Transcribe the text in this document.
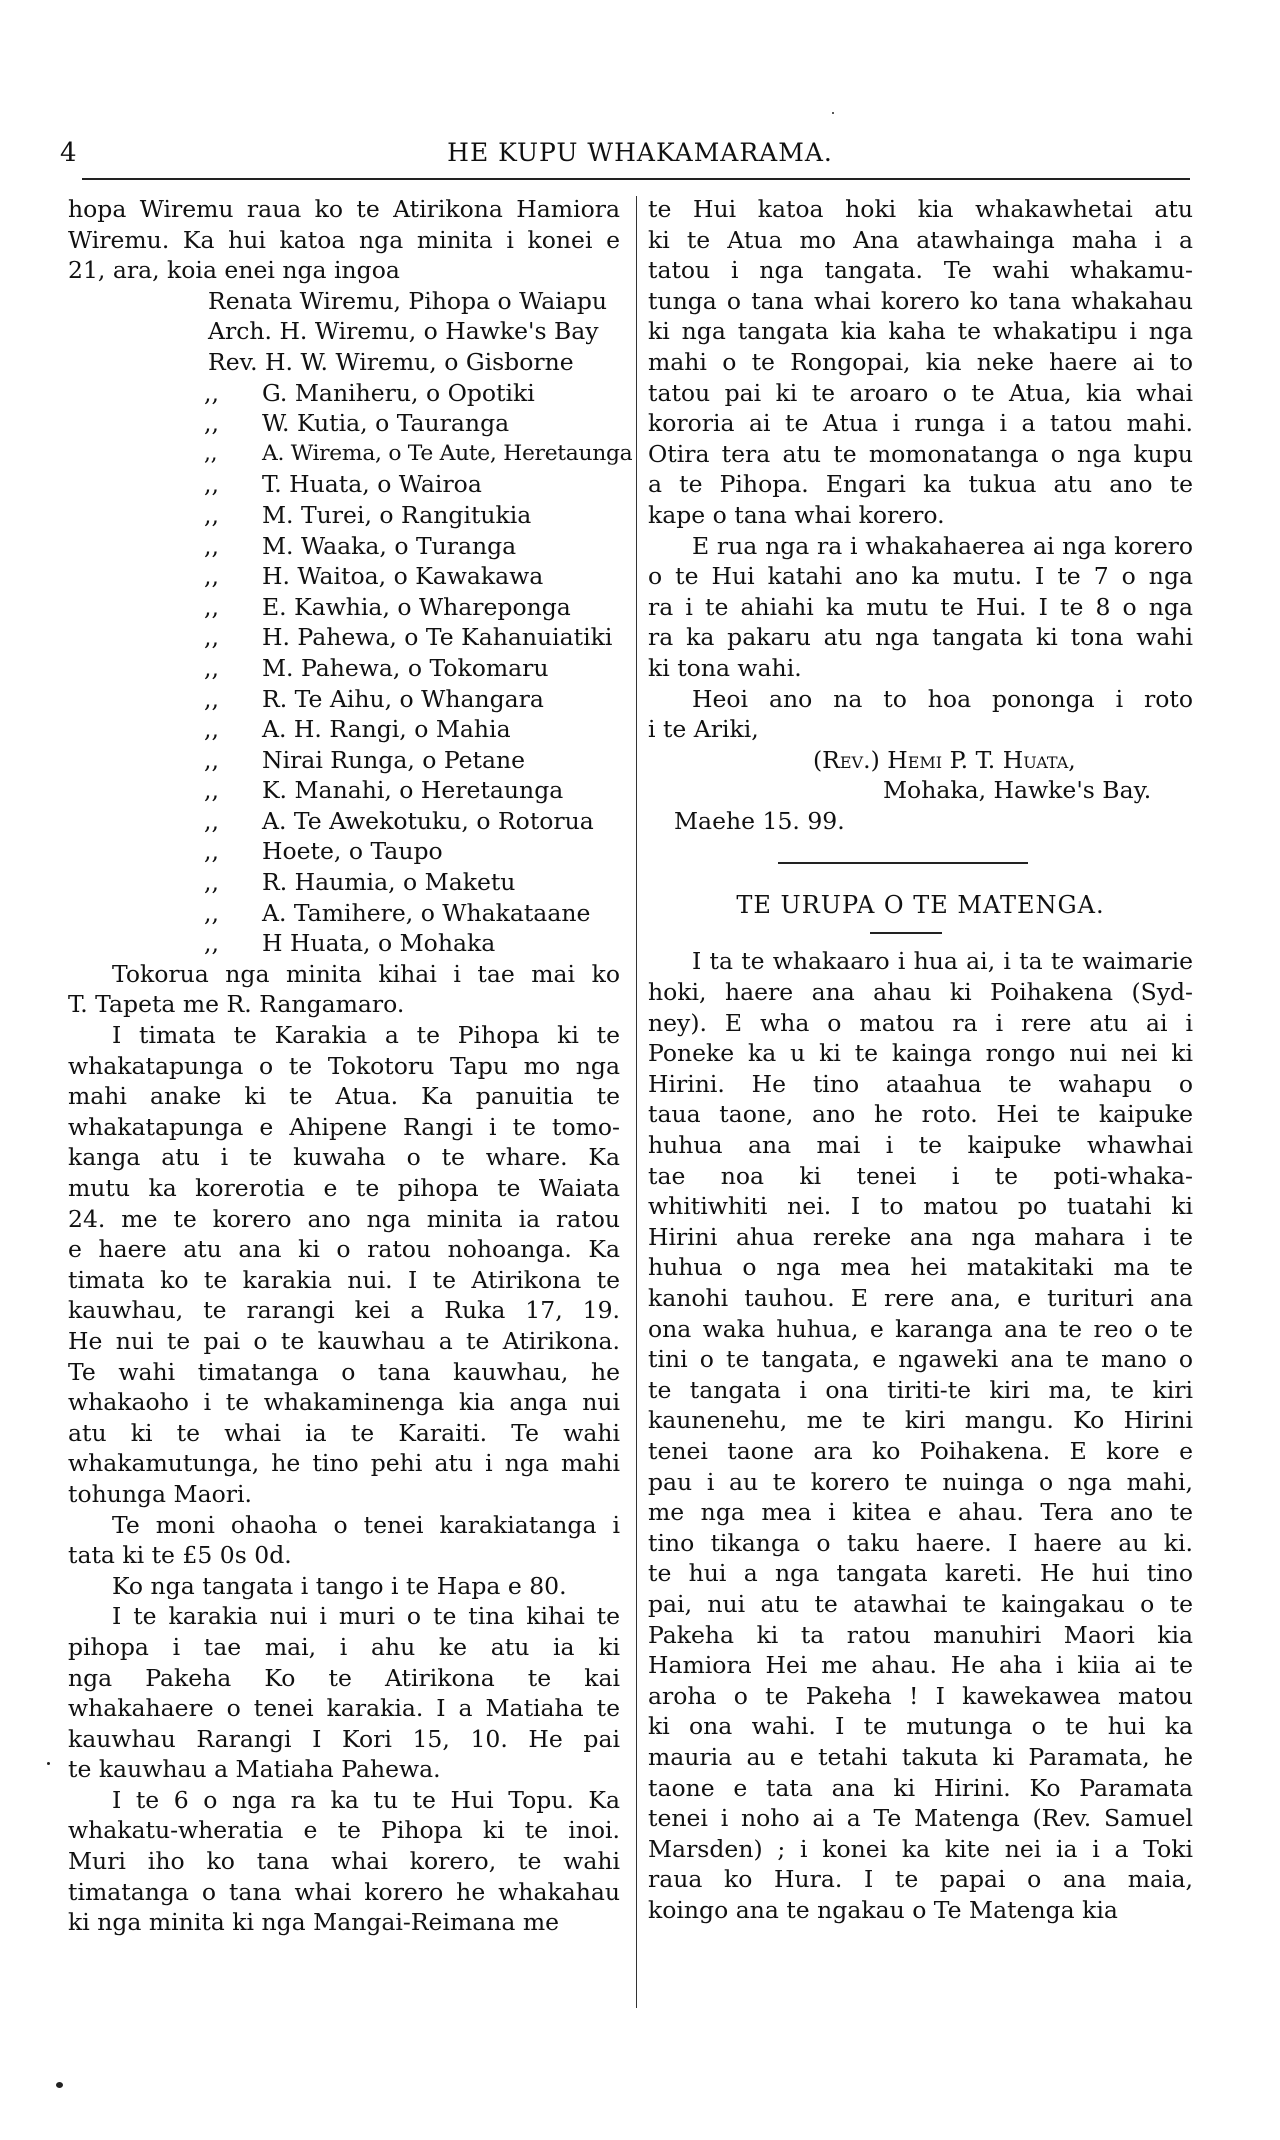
4	HE KUPU WHAKAMARAMA.
hopa Wiremu raua ko te Atirikona Hamiora
Wiremu. Ka hui katoa nga minita i konei e
21, ara, koia enei nga ingoa
Renata Wiremu, Pihopa o Waiapu
Arch. H. Wiremu, o Hawke's Bay
Rev. H. W. Wiremu, o Gisborne
,, G. Maniheru, o Opotiki
,, W. Kutia, o Tauranga
,, A. Wirema, o Te Aute, Heretaunga
,, T. Huata, o Wairoa
,, M. Turei, o Rangitukia
,, M. Waaka, o Turanga
,, H. Waitoa, o Kawakawa
,, E. Kawhia, o Whareponga
,, H. Pahewa, o Te Kahanuiatiki
,, M. Pahewa, o Tokomaru
,, R. Te Aihu, o Whangara
,, A. H. Rangi, o Mahia
,, Nirai Runga, o Petane
,, K. Manahi, o Heretaunga
,, A. Te Awekotuku, o Rotorua
,, Hoete, o Taupo
,, R. Haumia, o Maketu
,, A. Tamihere, o Whakataane
,, H Huata, o Mohaka
Tokorua nga minita kihai i tae mai ko
T. Tapeta me R. Rangamaro.
I timata te Karakia a te Pihopa ki te
whakatapunga o te Tokotoru Tapu mo nga
mahi anake ki te Atua. Ka panuitia te
whakatapunga e Ahipene Rangi i te tomo-
kanga atu i te kuwaha o te whare. Ka
mutu ka korerotia e te pihopa te Waiata
24. me te korero ano nga minita ia ratou
e haere atu ana ki o ratou nohoanga. Ka
timata ko te karakia nui. I te Atirikona te
kauwhau, te rarangi kei a Ruka 17, 19.
He nui te pai o te kauwhau a te Atirikona.
Te wahi timatanga o tana kauwhau, he
whakaoho i te whakaminenga kia anga nui
atu ki te whai ia te Karaiti. Te wahi
whakamutunga, he tino pehi atu i nga mahi
tohunga Maori.
Te moni ohaoha o tenei karakiatanga i
tata ki te £5 0s 0d.
Ko nga tangata i tango i te Hapa e 80.
I te karakia nui i muri o te tina kihai te
pihopa i tae mai, i ahu ke atu ia ki
nga Pakeha Ko te Atirikona te kai
whakahaere o tenei karakia. I a Matiaha te
kauwhau Rarangi I Kori 15, 10. He pai
te kauwhau a Matiaha Pahewa.
I te 6 o nga ra ka tu te Hui Topu. Ka
whakatu-wheratia e te Pihopa ki te inoi.
Muri iho ko tana whai korero, te wahi
timatanga o tana whai korero he whakahau
ki nga minita ki nga Mangai-Reimana me
te Hui katoa hoki kia whakawhetai atu
ki te Atua mo Ana atawhainga maha i a
tatou i nga tangata. Te wahi whakamu-
tunga o tana whai korero ko tana whakahau
ki nga tangata kia kaha te whakatipu i nga
mahi o te Rongopai, kia neke haere ai to
tatou pai ki te aroaro o te Atua, kia whai
kororia ai te Atua i runga i a tatou mahi.
Otira tera atu te momonatanga o nga kupu
a te Pihopa. Engari ka tukua atu ano te
kape o tana whai korero.
E rua nga ra i whakahaerea ai nga korero
o te Hui katahi ano ka mutu. I te 7 o nga
ra i te ahiahi ka mutu te Hui. I te 8 o nga
ra ka pakaru atu nga tangata ki tona wahi
ki tona wahi.
Heoi ano na to hoa pononga i roto
i te Ariki,
(Rev.) Hemi P. T. Huata,
Mohaka, Hawke's Bay.
Maehe 15. 99.
TE URUPA O TE MATENGA.
I ta te whakaaro i hua ai, i ta te waimarie
hoki, haere ana ahau ki Poihakena (Syd-
ney). E wha o matou ra i rere atu ai i
Poneke ka u ki te kainga rongo nui nei ki
Hirini. He tino ataahua te wahapu o
taua taone, ano he roto. Hei te kaipuke
huhua ana mai i te kaipuke whawhai
tae noa ki tenei i te poti-whaka-
whitiwhiti nei. I to matou po tuatahi ki
Hirini ahua rereke ana nga mahara i te
huhua o nga mea hei matakitaki ma te
kanohi tauhou. E rere ana, e turituri ana
ona waka huhua, e karanga ana te reo o te
tini o te tangata, e ngaweki ana te mano o
te tangata i ona tiriti-te kiri ma, te kiri
kaunenehu, me te kiri mangu. Ko Hirini
tenei taone ara ko Poihakena. E kore e
pau i au te korero te nuinga o nga mahi,
me nga mea i kitea e ahau. Tera ano te
tino tikanga o taku haere. I haere au ki.
te hui a nga tangata kareti. He hui tino
pai, nui atu te atawhai te kaingakau o te
Pakeha ki ta ratou manuhiri Maori kia
Hamiora Hei me ahau. He aha i kiia ai te
aroha o te Pakeha ! I kawekawea matou
ki ona wahi. I te mutunga o te hui ka
mauria au e tetahi takuta ki Paramata, he
taone e tata ana ki Hirini. Ko Paramata
tenei i noho ai a Te Matenga (Rev. Samuel
Marsden) ; i konei ka kite nei ia i a Toki
raua ko Hura. I te papai o ana maia,
koingo ana te ngakau o Te Matenga kia
